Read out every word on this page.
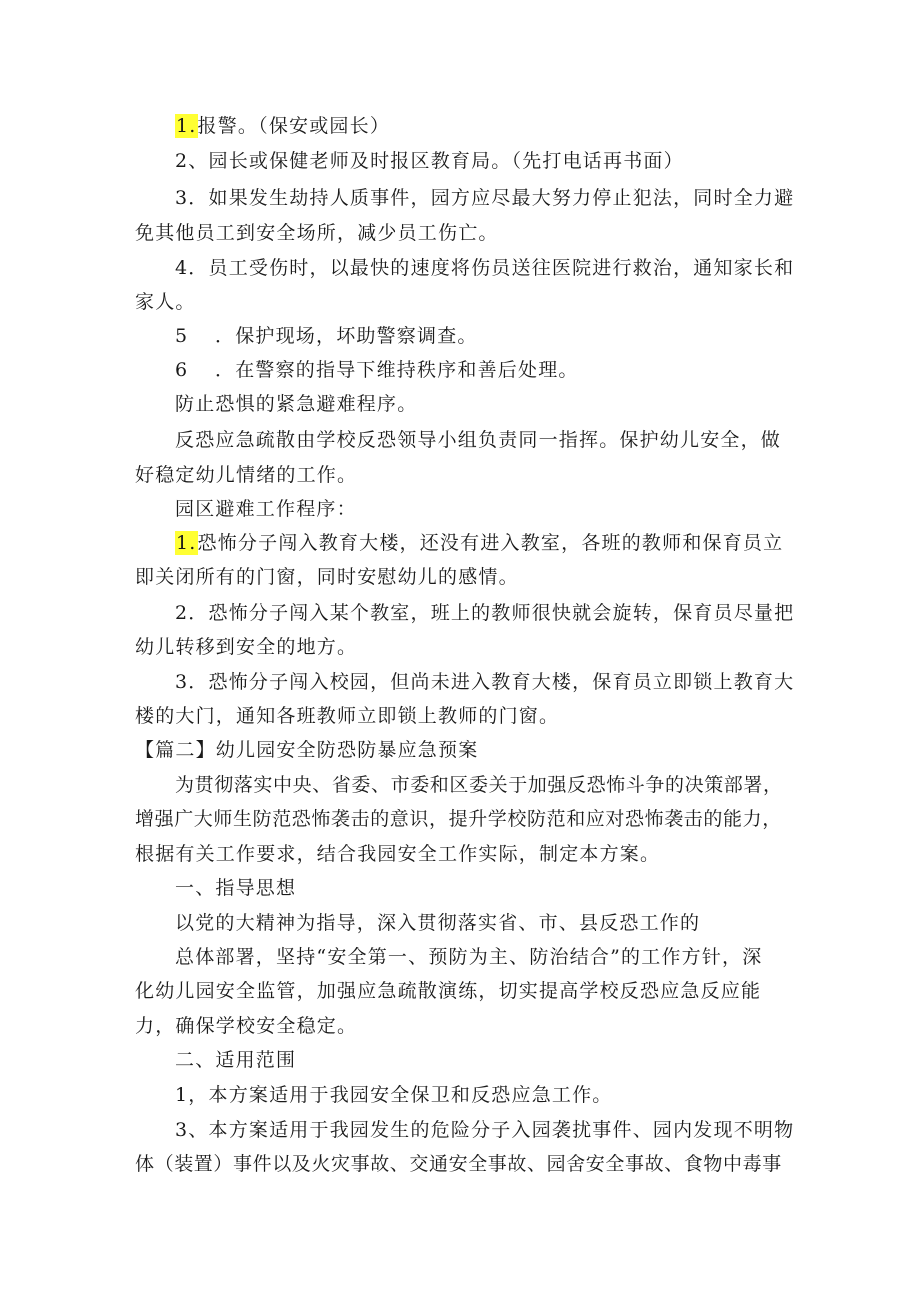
1.报警。（保安或园长）
2、园长或保健老师及时报区教育局。（先打电话再书面）
3．如果发生劫持人质事件，园方应尽最大努力停止犯法，同时全力避
免其他员工到安全场所，减少员工伤亡。
4．员工受伤时，以最快的速度将伤员送往医院进行救治，通知家长和
家人。
5 ．保护现场，坏助警察调查。
6 ．在警察的指导下维持秩序和善后处理。
防止恐惧的紧急避难程序。
反恐应急疏散由学校反恐领导小组负责同一指挥。保护幼儿安全，做
好稳定幼儿情绪的工作。
园区避难工作程序：
1.恐怖分子闯入教育大楼，还没有进入教室，各班的教师和保育员立
即关闭所有的门窗，同时安慰幼儿的感情。
2．恐怖分子闯入某个教室，班上的教师很快就会旋转，保育员尽量把
幼儿转移到安全的地方。
3．恐怖分子闯入校园，但尚未进入教育大楼，保育员立即锁上教育大
楼的大门，通知各班教师立即锁上教师的门窗。
【篇二】幼儿园安全防恐防暴应急预案
为贯彻落实中央、省委、市委和区委关于加强反恐怖斗争的决策部署，
增强广大师生防范恐怖袭击的意识，提升学校防范和应对恐怖袭击的能力，
根据有关工作要求，结合我园安全工作实际，制定本方案。
一、指导思想
以党的大精神为指导，深入贯彻落实省、市、县反恐工作的
总体部署，坚持“安全第一、预防为主、防治结合”的工作方针，深
化幼儿园安全监管，加强应急疏散演练，切实提高学校反恐应急反应能
力，确保学校安全稳定。
二、适用范围
1，本方案适用于我园安全保卫和反恐应急工作。
3、本方案适用于我园发生的危险分子入园袭扰事件、园内发现不明物
体（装置）事件以及火灾事故、交通安全事故、园舍安全事故、食物中毒事
